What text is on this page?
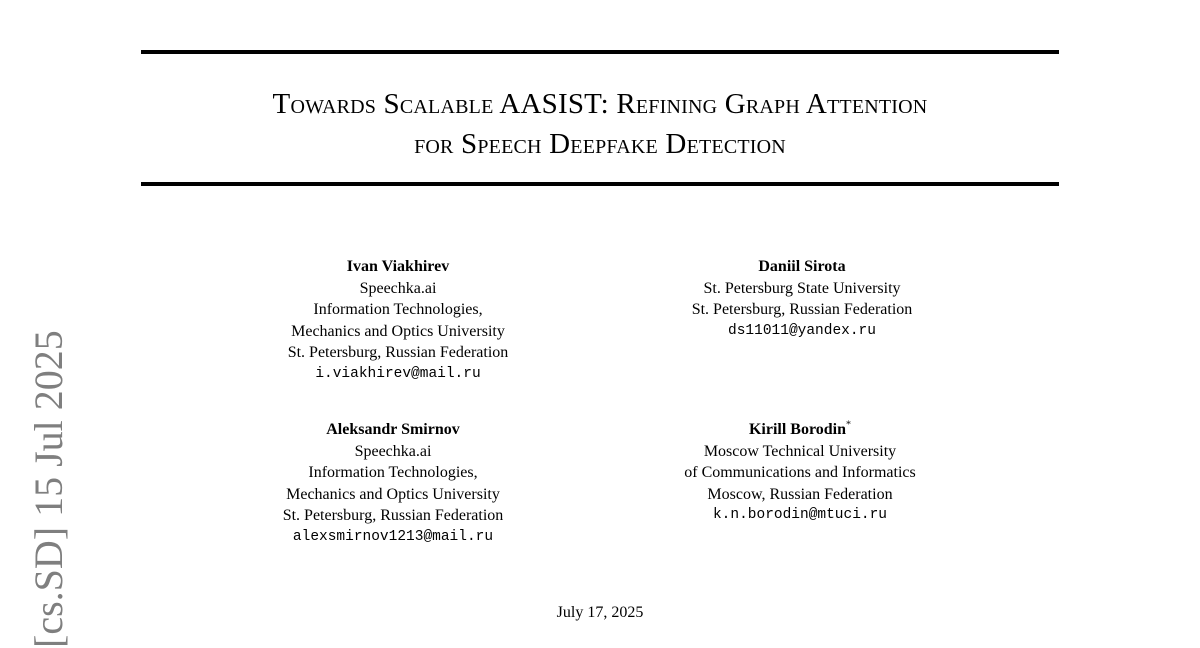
[cs.SD] 15 Jul 2025
Towards Scalable AASIST: Refining Graph Attention
for Speech Deepfake Detection
Ivan Viakhirev
Speechka.ai
Information Technologies,
Mechanics and Optics University
St. Petersburg, Russian Federation
i.viakhirev@mail.ru
Daniil Sirota
St. Petersburg State University
St. Petersburg, Russian Federation
ds11011@yandex.ru
Aleksandr Smirnov
Speechka.ai
Information Technologies,
Mechanics and Optics University
St. Petersburg, Russian Federation
alexsmirnov1213@mail.ru
Kirill Borodin*
Moscow Technical University
of Communications and Informatics
Moscow, Russian Federation
k.n.borodin@mtuci.ru
July 17, 2025
